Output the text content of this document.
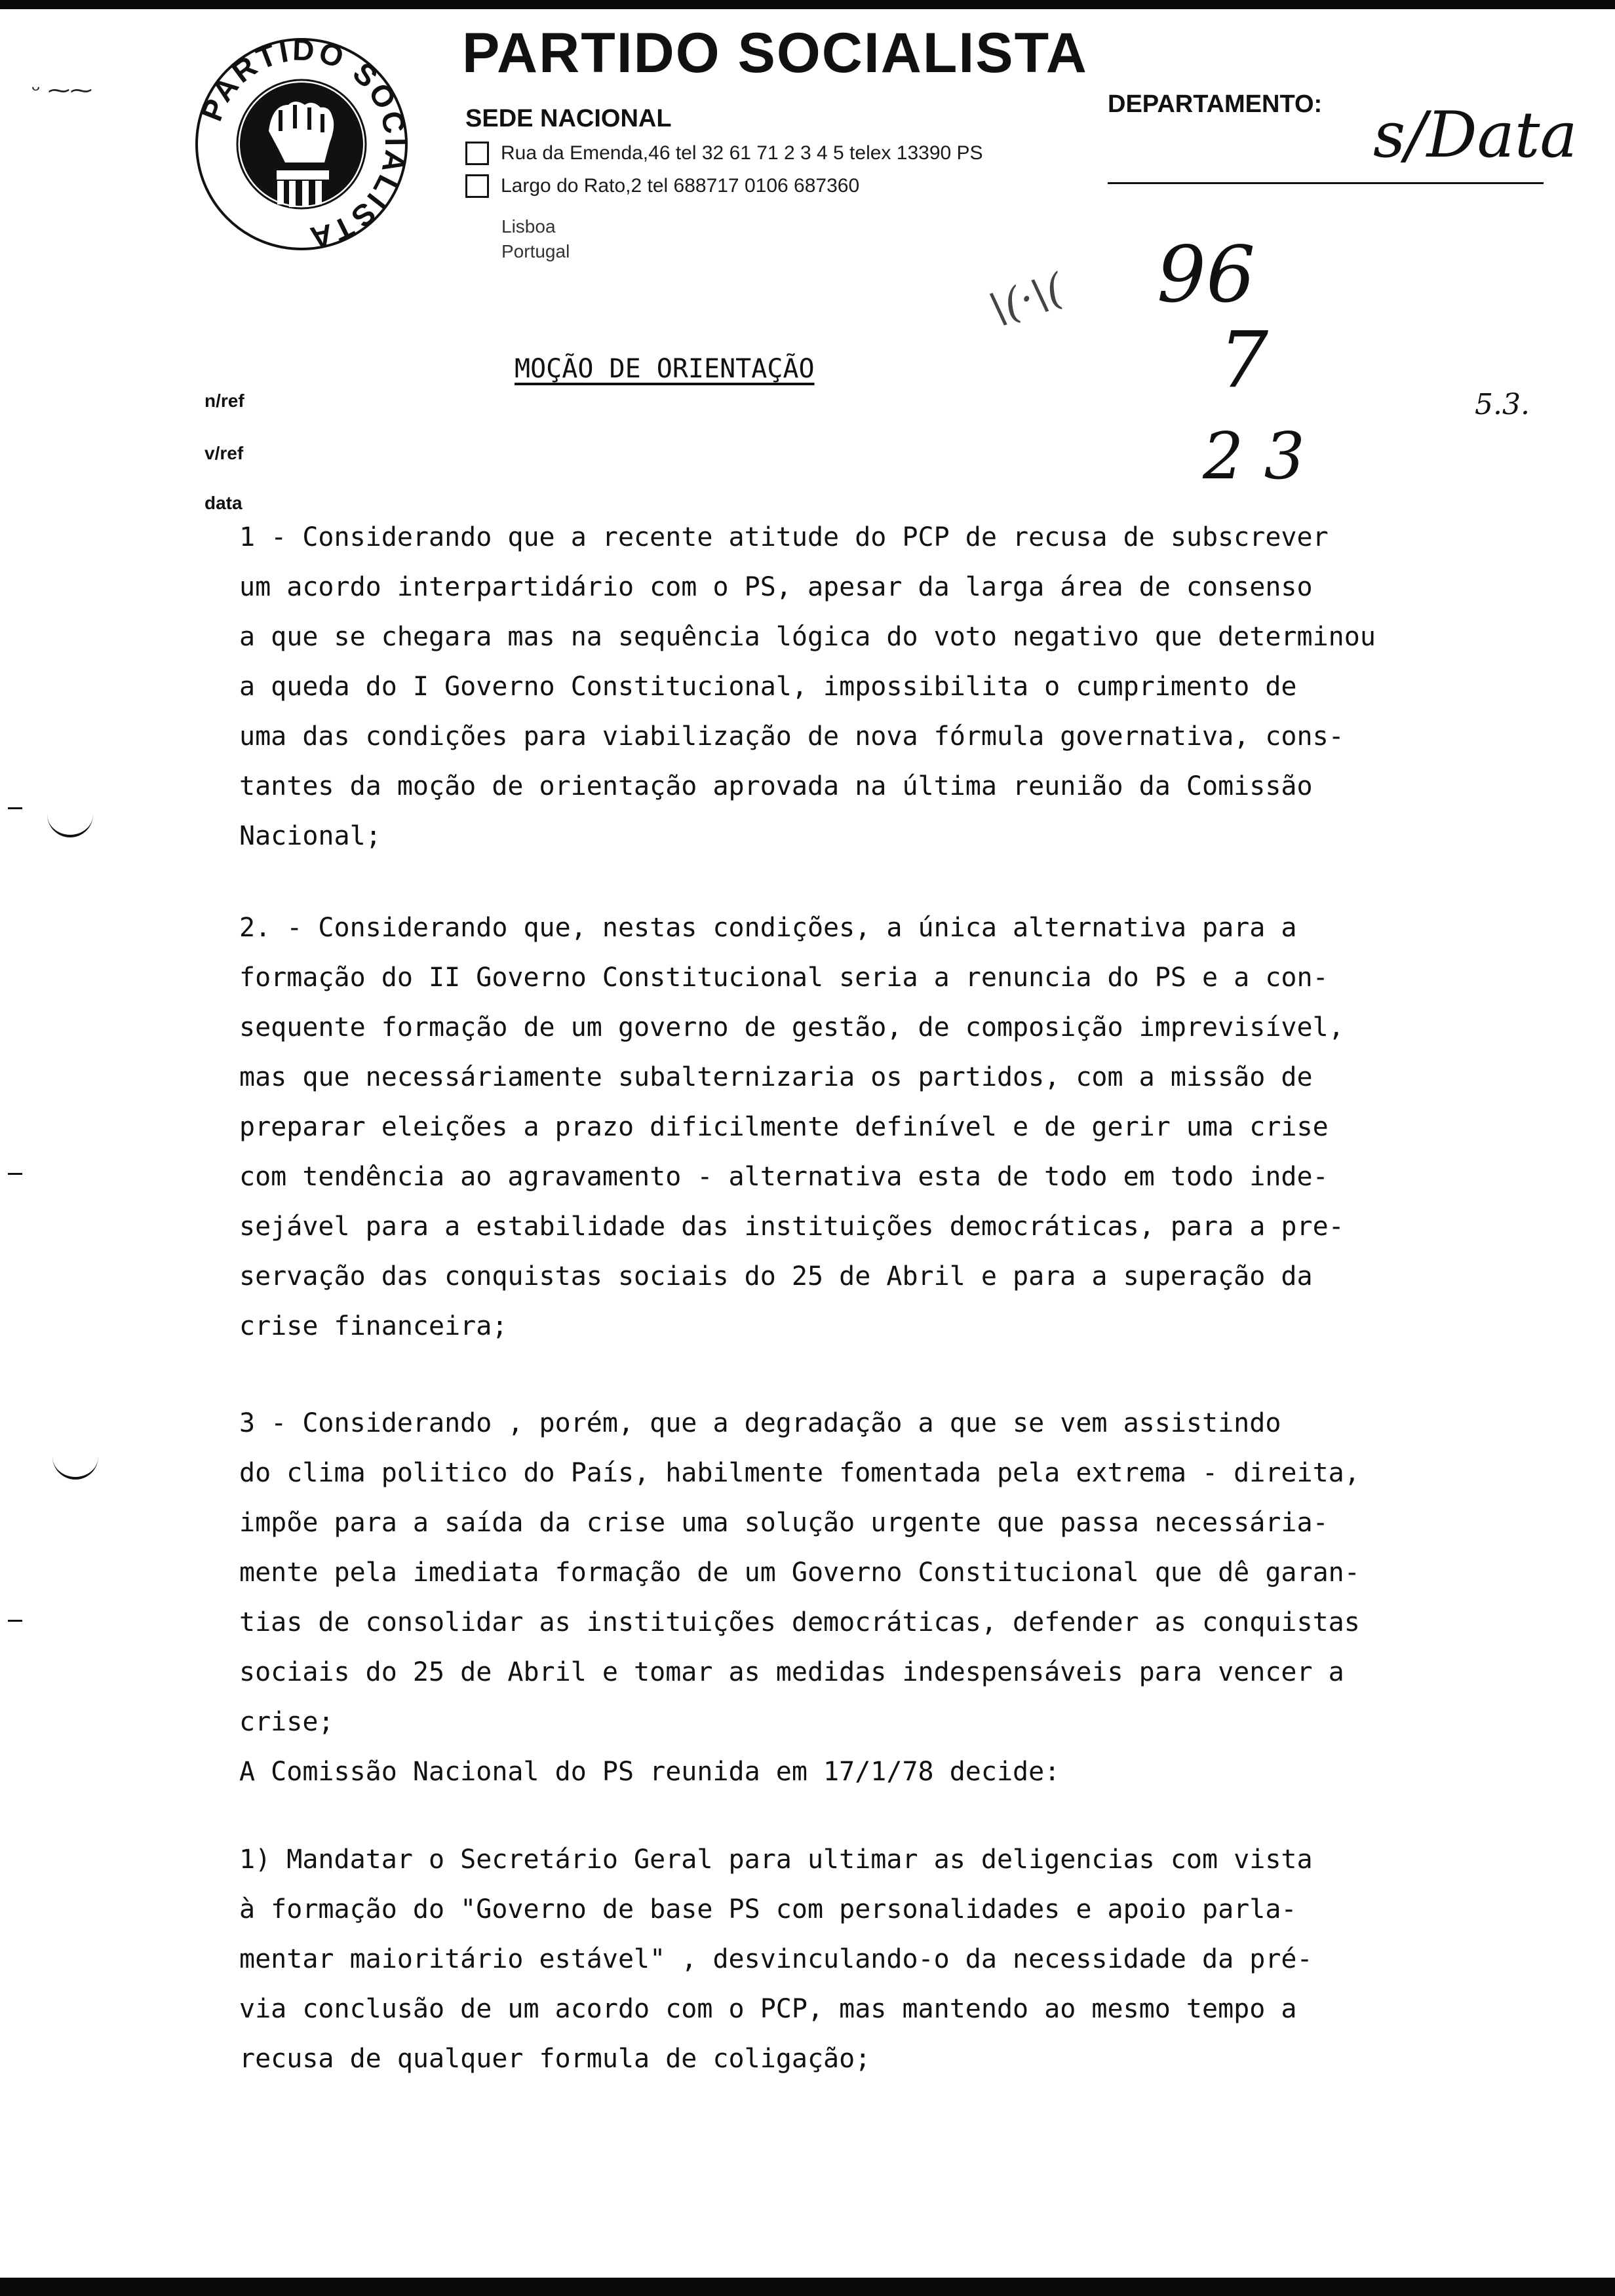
ᵕ ⁓⁓
PARTIDO SOCIALISTA
PARTIDO SOCIALISTA
SEDE NACIONAL
DEPARTAMENTO:
Rua da Emenda,46 tel 32 61 71 2 3 4 5 telex 13390 PS
Largo do Rato,2 tel 688717 0106 687360
Lisboa
Portugal
s/Data
96
7
2 3
5.3.
\(·\(
n/ref
v/ref
data
MOÇÃO DE ORIENTAÇÃO
1 - Considerando que a recente atitude do PCP de recusa de subscrever
um acordo interpartidário com o PS, apesar da larga área de consenso
a que se chegara mas na sequência lógica do voto negativo que determinou
a queda do I Governo Constitucional, impossibilita o cumprimento de
uma das condições para viabilização de nova fórmula governativa, cons-
tantes da moção de orientação aprovada na última reunião da Comissão
Nacional;
2. - Considerando que, nestas condições, a única alternativa para a
formação do II Governo Constitucional seria a renuncia do PS e a con-
sequente formação de um governo de gestão, de composição imprevisível,
mas que necessáriamente subalternizaria os partidos, com a missão de
preparar eleições a prazo dificilmente definível e de gerir uma crise
com tendência ao agravamento - alternativa esta de todo em todo inde-
sejável para a estabilidade das instituições democráticas, para a pre-
servação das conquistas sociais do 25 de Abril e para a superação da
crise financeira;
3 - Considerando , porém, que a degradação a que se vem assistindo
do clima politico do País, habilmente fomentada pela extrema - direita,
impõe para a saída da crise uma solução urgente que passa necessária-
mente pela imediata formação de um Governo Constitucional que dê garan-
tias de consolidar as instituições democráticas, defender as conquistas
sociais do 25 de Abril e tomar as medidas indespensáveis para vencer a
crise;
A Comissão Nacional do PS reunida em 17/1/78 decide:
1) Mandatar o Secretário Geral para ultimar as deligencias com vista
à formação do "Governo de base PS com personalidades e apoio parla-
mentar maioritário estável" , desvinculando-o da necessidade da pré-
via conclusão de um acordo com o PCP, mas mantendo ao mesmo tempo a
recusa de qualquer formula de coligação;
